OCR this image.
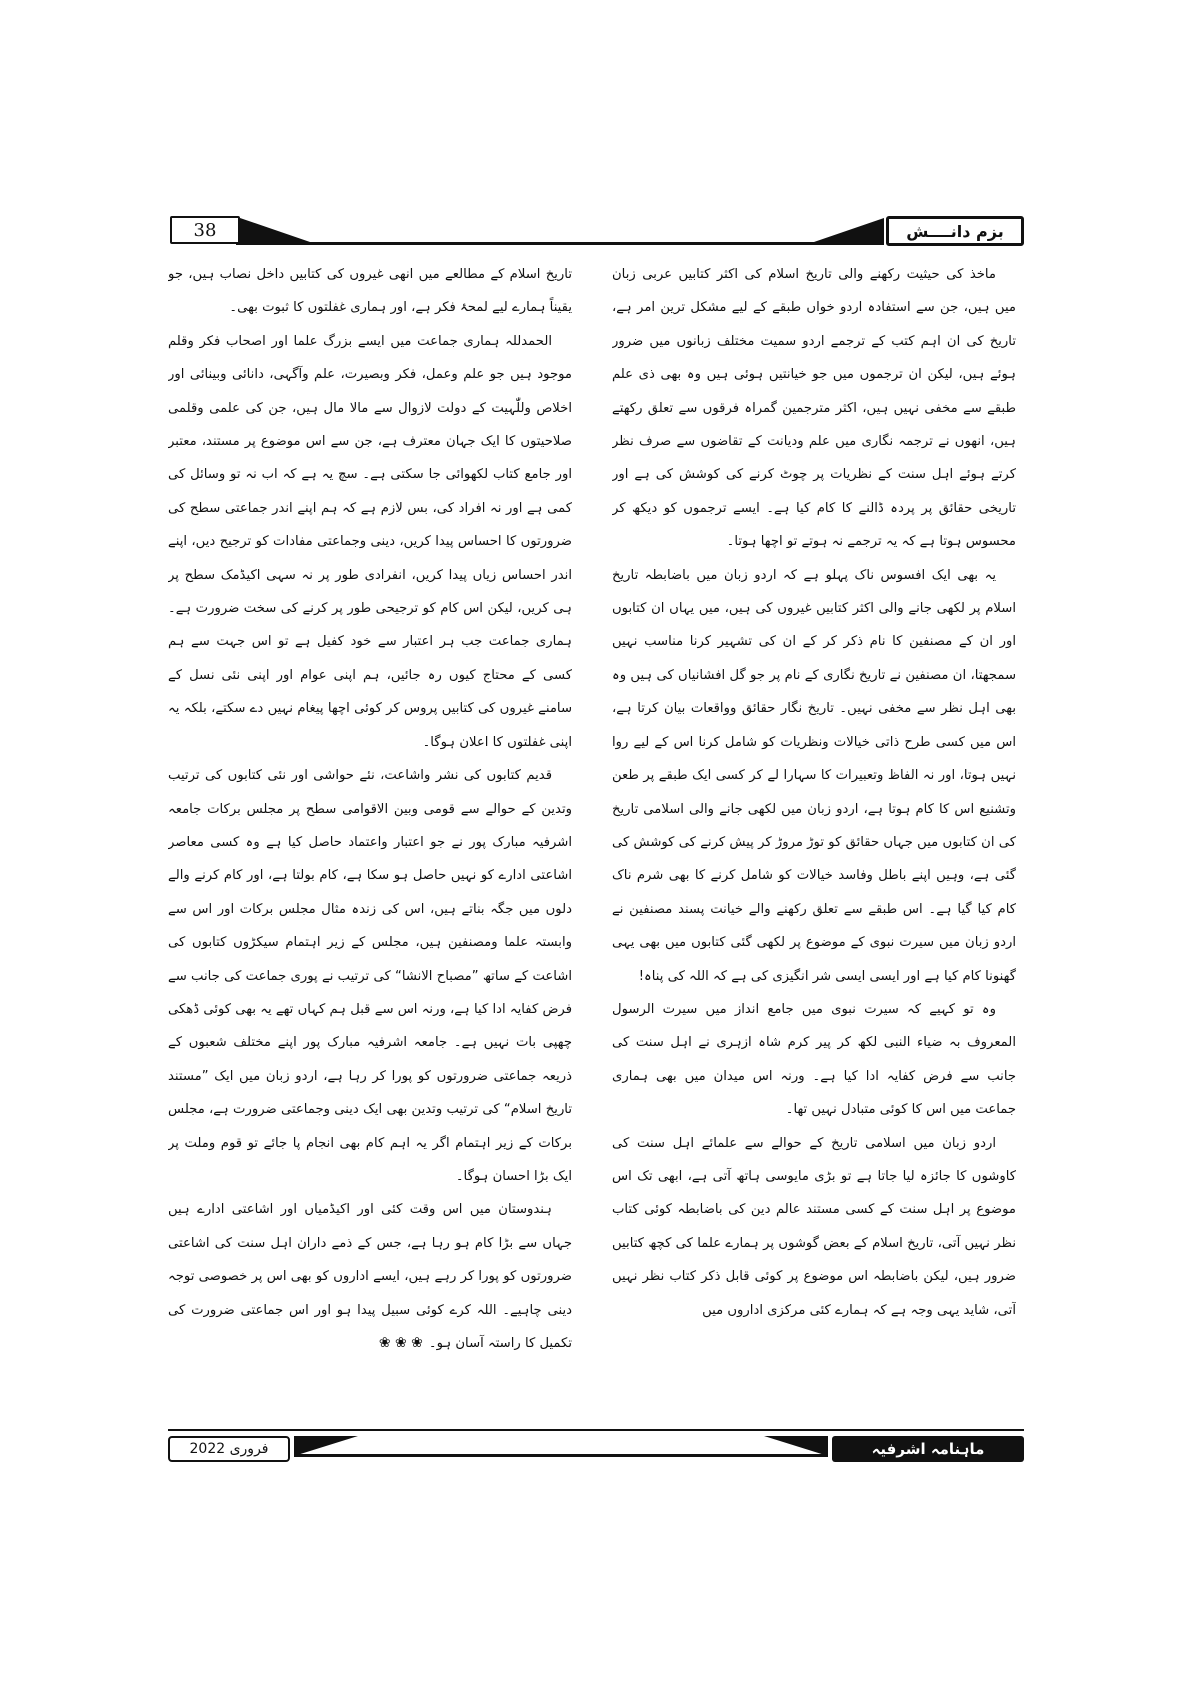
38	بزم دانــــش

ماخذ کی حیثیت رکھنے والی تاریخ اسلام کی اکثر کتابیں عربی زبان میں ہیں، جن سے استفادہ اردو خواں طبقے کے لیے مشکل ترین امر ہے، تاریخ کی ان اہم کتب کے ترجمے اردو سمیت مختلف زبانوں میں ضرور ہوئے ہیں، لیکن ان ترجموں میں جو خیانتیں ہوئی ہیں وہ بھی ذی علم طبقے سے مخفی نہیں ہیں، اکثر مترجمین گمراہ فرقوں سے تعلق رکھتے ہیں، انھوں نے ترجمہ نگاری میں علم ودیانت کے تقاضوں سے صرف نظر کرتے ہوئے اہل سنت کے نظریات پر چوٹ کرنے کی کوشش کی ہے اور تاریخی حقائق پر پردہ ڈالنے کا کام کیا ہے۔ ایسے ترجموں کو دیکھ کر محسوس ہوتا ہے کہ یہ ترجمے نہ ہوتے تو اچھا ہوتا۔

یہ بھی ایک افسوس ناک پہلو ہے کہ اردو زبان میں باضابطہ تاریخ اسلام پر لکھی جانے والی اکثر کتابیں غیروں کی ہیں، میں یہاں ان کتابوں اور ان کے مصنفین کا نام ذکر کر کے ان کی تشہیر کرنا مناسب نہیں سمجھتا، ان مصنفین نے تاریخ نگاری کے نام پر جو گل افشانیاں کی ہیں وہ بھی اہل نظر سے مخفی نہیں۔ تاریخ نگار حقائق وواقعات بیان کرتا ہے، اس میں کسی طرح ذاتی خیالات ونظریات کو شامل کرنا اس کے لیے روا نہیں ہوتا، اور نہ الفاظ وتعبیرات کا سہارا لے کر کسی ایک طبقے پر طعن وتشنیع اس کا کام ہوتا ہے، اردو زبان میں لکھی جانے والی اسلامی تاریخ کی ان کتابوں میں جہاں حقائق کو توڑ مروڑ کر پیش کرنے کی کوشش کی گئی ہے، وہیں اپنے باطل وفاسد خیالات کو شامل کرنے کا بھی شرم ناک کام کیا گیا ہے۔ اس طبقے سے تعلق رکھنے والے خیانت پسند مصنفین نے اردو زبان میں سیرت نبوی کے موضوع پر لکھی گئی کتابوں میں بھی یہی گھنونا کام کیا ہے اور ایسی ایسی شر انگیزی کی ہے کہ اللہ کی پناہ!

وہ تو کہیے کہ سیرت نبوی میں جامع انداز میں سیرت الرسول المعروف بہ ضیاء النبی لکھ کر پیر کرم شاہ ازہری نے اہل سنت کی جانب سے فرض کفایہ ادا کیا ہے۔ ورنہ اس میدان میں بھی ہماری جماعت میں اس کا کوئی متبادل نہیں تھا۔

اردو زبان میں اسلامی تاریخ کے حوالے سے علمائے اہل سنت کی کاوشوں کا جائزہ لیا جاتا ہے تو بڑی مایوسی ہاتھ آتی ہے، ابھی تک اس موضوع پر اہل سنت کے کسی مستند عالم دین کی باضابطہ کوئی کتاب نظر نہیں آتی، تاریخ اسلام کے بعض گوشوں پر ہمارے علما کی کچھ کتابیں ضرور ہیں، لیکن باضابطہ اس موضوع پر کوئی قابل ذکر کتاب نظر نہیں آتی، شاید یہی وجہ ہے کہ ہمارے کئی مرکزی اداروں میں

تاریخ اسلام کے مطالعے میں انھی غیروں کی کتابیں داخل نصاب ہیں، جو یقیناً ہمارے لیے لمحۂ فکر ہے، اور ہماری غفلتوں کا ثبوت بھی۔

الحمدللہ ہماری جماعت میں ایسے بزرگ علما اور اصحاب فکر وقلم موجود ہیں جو علم وعمل، فکر وبصیرت، علم وآگہی، دانائی وبینائی اور اخلاص وللّٰہیت کے دولت لازوال سے مالا مال ہیں، جن کی علمی وقلمی صلاحیتوں کا ایک جہان معترف ہے، جن سے اس موضوع پر مستند، معتبر اور جامع کتاب لکھوائی جا سکتی ہے۔ سچ یہ ہے کہ اب نہ تو وسائل کی کمی ہے اور نہ افراد کی، بس لازم ہے کہ ہم اپنے اندر جماعتی سطح کی ضرورتوں کا احساس پیدا کریں، دینی وجماعتی مفادات کو ترجیح دیں، اپنے اندر احساس زیاں پیدا کریں، انفرادی طور پر نہ سہی اکیڈمک سطح پر ہی کریں، لیکن اس کام کو ترجیحی طور پر کرنے کی سخت ضرورت ہے۔ ہماری جماعت جب ہر اعتبار سے خود کفیل ہے تو اس جہت سے ہم کسی کے محتاج کیوں رہ جائیں، ہم اپنی عوام اور اپنی نئی نسل کے سامنے غیروں کی کتابیں پروس کر کوئی اچھا پیغام نہیں دے سکتے، بلکہ یہ اپنی غفلتوں کا اعلان ہوگا۔

قدیم کتابوں کی نشر واشاعت، نئے حواشی اور نئی کتابوں کی ترتیب وتدین کے حوالے سے قومی وبین الاقوامی سطح پر مجلس برکات جامعہ اشرفیہ مبارک پور نے جو اعتبار واعتماد حاصل کیا ہے وہ کسی معاصر اشاعتی ادارے کو نہیں حاصل ہو سکا ہے، کام بولتا ہے، اور کام کرنے والے دلوں میں جگہ بناتے ہیں، اس کی زندہ مثال مجلس برکات اور اس سے وابستہ علما ومصنفین ہیں، مجلس کے زیر اہتمام سیکڑوں کتابوں کی اشاعت کے ساتھ ”مصباح الانشا“ کی ترتیب نے پوری جماعت کی جانب سے فرض کفایہ ادا کیا ہے، ورنہ اس سے قبل ہم کہاں تھے یہ بھی کوئی ڈھکی چھپی بات نہیں ہے۔ جامعہ اشرفیہ مبارک پور اپنے مختلف شعبوں کے ذریعہ جماعتی ضرورتوں کو پورا کر رہا ہے، اردو زبان میں ایک ”مستند تاریخ اسلام“ کی ترتیب وتدین بھی ایک دینی وجماعتی ضرورت ہے، مجلس برکات کے زیر اہتمام اگر یہ اہم کام بھی انجام پا جائے تو قوم وملت پر ایک بڑا احسان ہوگا۔

ہندوستان میں اس وقت کئی اور اکیڈمیاں اور اشاعتی ادارے ہیں جہاں سے بڑا کام ہو رہا ہے، جس کے ذمے داران اہل سنت کی اشاعتی ضرورتوں کو پورا کر رہے ہیں، ایسے اداروں کو بھی اس پر خصوصی توجہ دینی چاہیے۔ اللہ کرے کوئی سبیل پیدا ہو اور اس جماعتی ضرورت کی تکمیل کا راستہ آسان ہو۔❀ ❀ ❀

فروری 2022	ماہنامہ اشرفیہ
